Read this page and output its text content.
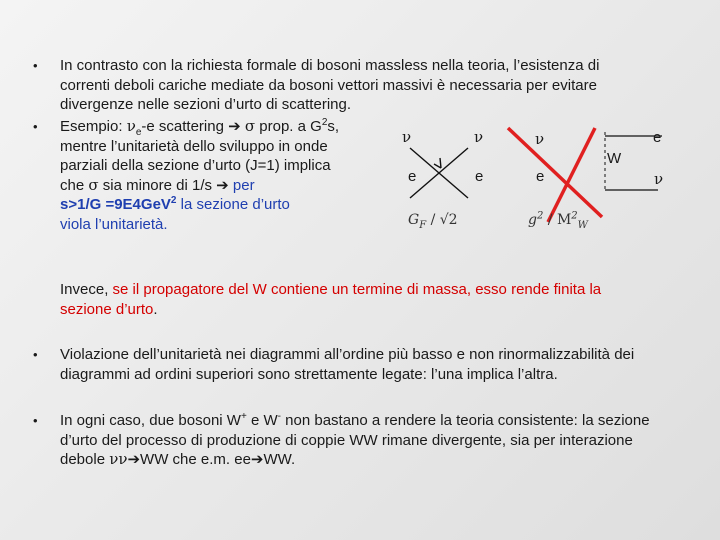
• In contrasto con la richiesta formale di bosoni massless nella teoria, l’esistenza di correnti deboli cariche mediate da bosoni vettori massivi è necessaria per evitare divergenze nelle sezioni d’urto di scattering.

• Esempio: $\nu_e-e$ scattering ➔ σ prop. a $G^2s$,
mentre l’unitarietà dello sviluppo in onde
parziali della sezione d’urto (J=1) implica
che σ sia minore di 1/s ➔ per
s>1/G =9E4GeV$^2$ la sezione d’urto
viola l’unitarietà.
ν	ν
e	e
$G_F / √2$
ν
e
e
ν
W
$g^2 / M^2_W$

Invece, se il propagatore del W contiene un termine di massa, esso rende finita la sezione d’urto.

• Violazione dell’unitarietà nei diagrammi all’ordine più basso e non rinormalizzabilità dei diagrammi ad ordini superiori sono strettamente legate: l’una implica l’altra.

• In ogni caso, due bosoni W+ e W- non bastano a rendere la teoria consistente: la sezione d’urto del processo di produzione di coppie WW rimane divergente, sia per interazione debole νν➔WW che e.m. ee➔WW.
